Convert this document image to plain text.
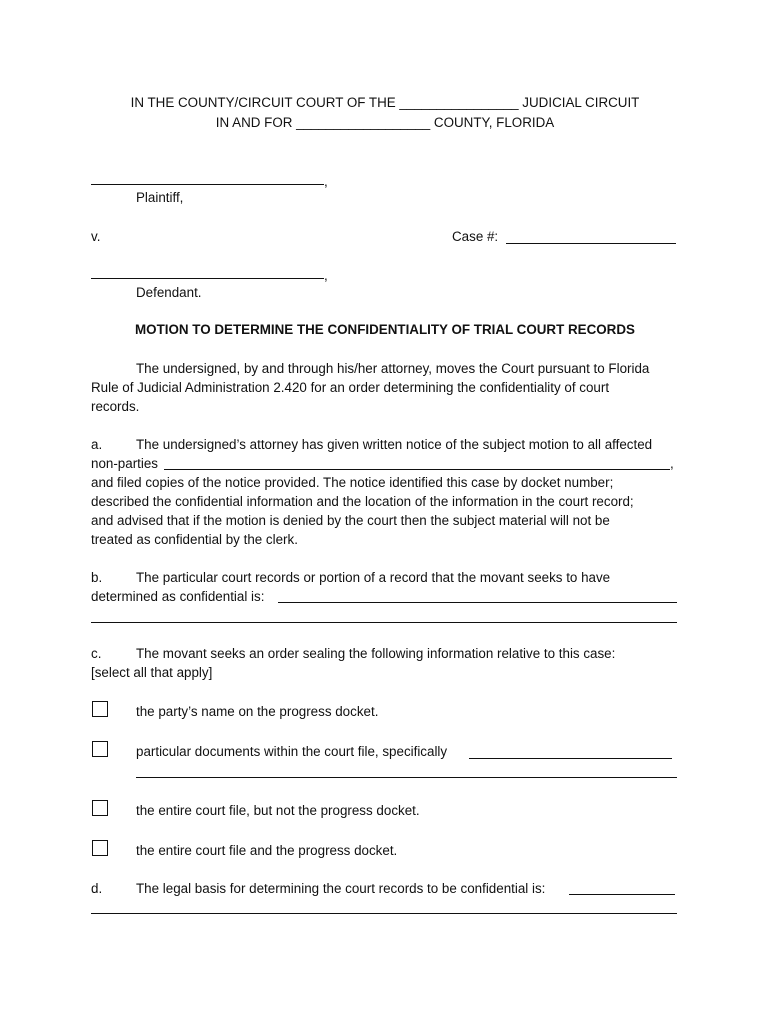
IN THE COUNTY/CIRCUIT COURT OF THE ________________ JUDICIAL CIRCUIT
IN AND FOR __________________ COUNTY, FLORIDA
,
Plaintiff,
v.	Case #:
,
Defendant.
MOTION TO DETERMINE THE CONFIDENTIALITY OF TRIAL COURT RECORDS
The undersigned, by and through his/her attorney, moves the Court pursuant to Florida
Rule of Judicial Administration 2.420 for an order determining the confidentiality of court
records.
a.	The undersigned’s attorney has given written notice of the subject motion to all affected
non-parties	,
and filed copies of the notice provided. The notice identified this case by docket number;
described the confidential information and the location of the information in the court record;
and advised that if the motion is denied by the court then the subject material will not be
treated as confidential by the clerk.
b.	The particular court records or portion of a record that the movant seeks to have
determined as confidential is:
c.	The movant seeks an order sealing the following information relative to this case:
[select all that apply]
the party’s name on the progress docket.
particular documents within the court file, specifically
the entire court file, but not the progress docket.
the entire court file and the progress docket.
d.	The legal basis for determining the court records to be confidential is:
